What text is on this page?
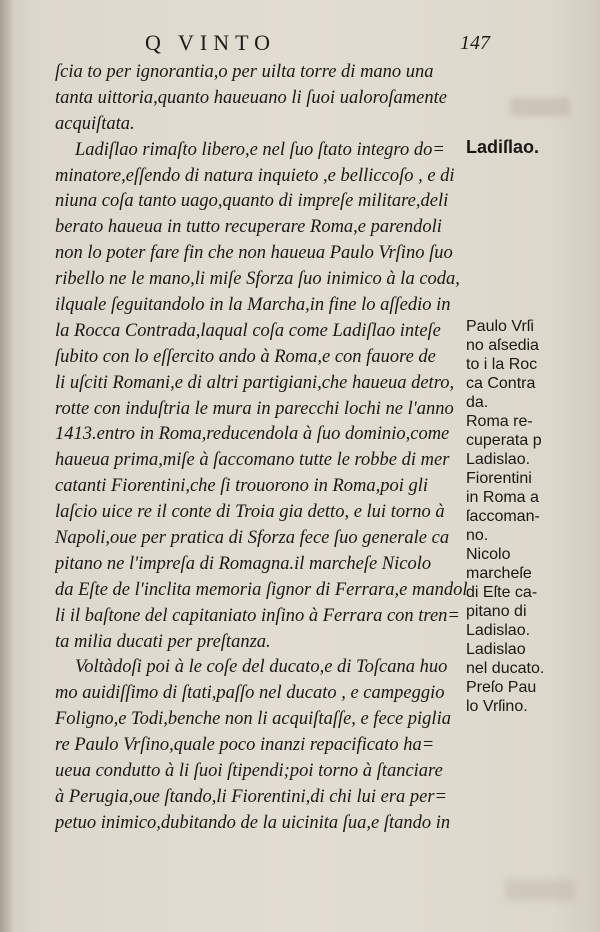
Q VINTO	147
ſcia to per ignorantia,o per uilta torre di mano una
tanta uittoria,quanto haueuano li ſuoi ualoroſamente
acquiſtata.
Ladiſlao rimaſto libero,e nel ſuo ſtato integro do=
minatore,eſſendo di natura inquieto ,e belliccoſo , e di
niuna coſa tanto uago,quanto di impreſe militare,deli
berato haueua in tutto recuperare Roma,e parendoli
non lo poter fare fin che non haueua Paulo Vrſino ſuo
ribello ne le mano,li miſe Sforza ſuo inimico à la coda,
ilquale ſeguitandolo in la Marcha,in fine lo aſſedio in
la Rocca Contrada,laqual coſa come Ladiſlao inteſe
ſubito con lo eſſercito ando à Roma,e con fauore de
li uſciti Romani,e di altri partigiani,che haueua detro,
rotte con induſtria le mura in parecchi lochi ne l'anno
1413.entro in Roma,reducendola à ſuo dominio,come
haueua prima,miſe à ſaccomano tutte le robbe di mer
catanti Fiorentini,che ſi trouorono in Roma,poi gli
laſcio uice re il conte di Troia gia detto, e lui torno à
Napoli,oue per pratica di Sforza fece ſuo generale ca
pitano ne l'impreſa di Romagna.il marcheſe Nicolo
da Eſte de l'inclita memoria ſignor di Ferrara,e mandol
li il baſtone del capitaniato inſino à Ferrara con tren=
ta milia ducati per preſtanza.
Voltàdoſi poi à le coſe del ducato,e di Toſcana huo
mo auidiſſimo di ſtati,paſſo nel ducato , e campeggio
Foligno,e Todi,benche non li acquiſtaſſe, e fece piglia
re Paulo Vrſino,quale poco inanzi repacificato ha=
ueua condutto à li ſuoi ſtipendi;poi torno à ſtanciare
à Perugia,oue ſtando,li Fiorentini,di chi lui era per=
petuo inimico,dubitando de la uicinita ſua,e ſtando in
Ladiſlao.
Paulo Vrſi
no aſsedia
to i la Roc
ca Contra
da.
Roma re-
cuperata p
Ladislao.
Fiorentini
in Roma a
ſaccoman-
no.
Nicolo
marcheſe
di Eſte ca-
pitano di
Ladislao.
Ladislao
nel ducato.
Preſo Pau
lo Vrſino.
